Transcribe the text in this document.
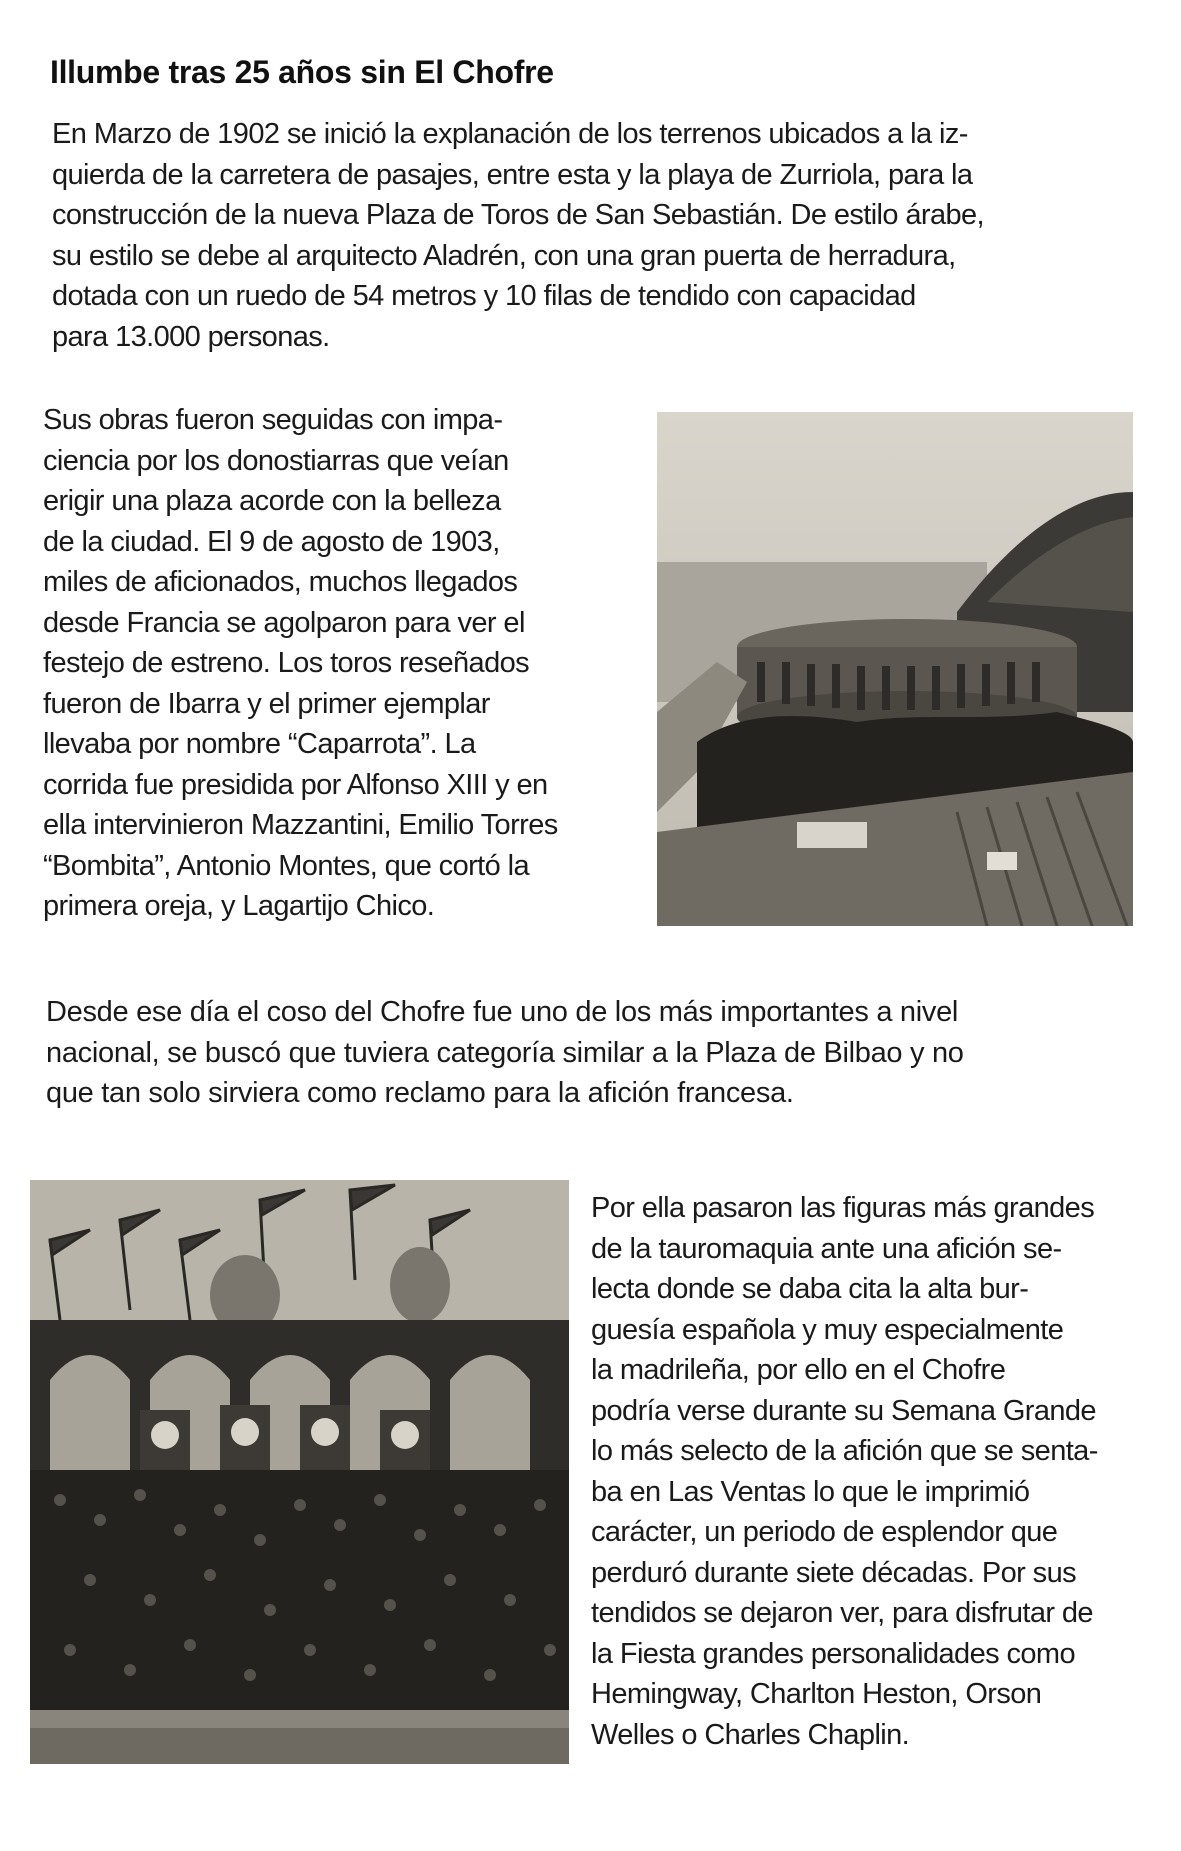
Illumbe tras 25 años sin El Chofre
En Marzo de 1902 se inició la explanación de los terrenos ubicados a la iz-
quierda de la carretera de pasajes, entre esta y la playa de Zurriola, para la
construcción de la nueva Plaza de Toros de San Sebastián. De estilo árabe,
su estilo se debe al arquitecto Aladrén, con una gran puerta de herradura,
dotada con un ruedo de 54 metros y 10 filas de tendido con capacidad
para 13.000 personas.
Sus obras fueron seguidas con impa-
ciencia por los donostiarras que veían
erigir una plaza acorde con la belleza
de la ciudad. El 9 de agosto de 1903,
miles de aficionados, muchos llegados
desde Francia se agolparon para ver el
festejo de estreno. Los toros reseñados
fueron de Ibarra y el primer ejemplar
llevaba por nombre “Caparrota”. La
corrida fue presidida por Alfonso XIII y en
ella intervinieron Mazzantini, Emilio Torres
“Bombita”, Antonio Montes, que cortó la
primera oreja, y Lagartijo Chico.
Desde ese día el coso del Chofre fue uno de los más importantes a nivel
nacional, se buscó que tuviera categoría similar a la Plaza de Bilbao y no
que tan solo sirviera como reclamo para la afición francesa.
Por ella pasaron las figuras más grandes
de la tauromaquia ante una afición se-
lecta donde se daba cita la alta bur-
guesía española y muy especialmente
la madrileña, por ello en el Chofre
podría verse durante su Semana Grande
lo más selecto de la afición que se senta-
ba en Las Ventas lo que le imprimió
carácter, un periodo de esplendor que
perduró durante siete décadas. Por sus
tendidos se dejaron ver, para disfrutar de
la Fiesta grandes personalidades como
Hemingway, Charlton Heston, Orson
Welles o Charles Chaplin.
